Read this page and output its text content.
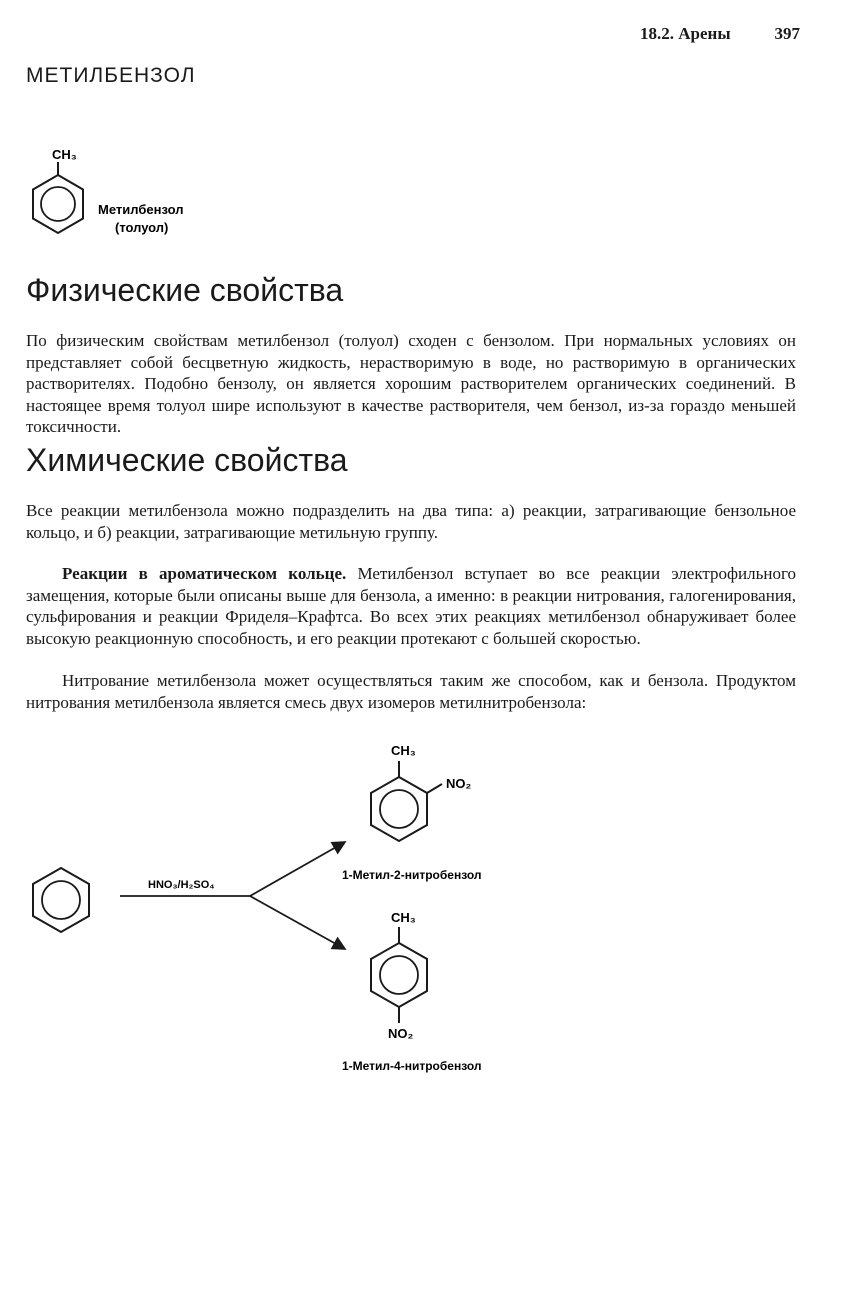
18.2. Арены	397
МЕТИЛБЕНЗОЛ
CH₃
Метилбензол
(толуол)
Физические свойства

По физическим свойствам метилбензол (толуол) сходен с бензолом. При нормальных условиях он представляет собой бесцветную жидкость, нерастворимую в воде, но растворимую в органических растворителях. Подобно бензолу, он является хорошим растворителем органических соединений. В настоящее время толуол шире используют в качестве растворителя, чем бензол, из-за гораздо меньшей токсичности.

Химические свойства

Все реакции метилбензола можно подразделить на два типа: а) реакции, затрагивающие бензольное кольцо, и б) реакции, затрагивающие метильную группу.

Реакции в ароматическом кольце. Метилбензол вступает во все реакции электрофильного замещения, которые были описаны выше для бензола, а именно: в реакции нитрования, галогенирования, сульфирования и реакции Фриделя–Крафтса. Во всех этих реакциях метилбензол обнаруживает более высокую реакционную способность, и его реакции протекают с большей скоростью.

Нитрование метилбензола может осуществляться таким же способом, как и бензола. Продуктом нитрования метилбензола является смесь двух изомеров метилнитробензола:

HNO₃/H₂SO₄
CH₃
NO₂
1-Метил-2-нитробензол
CH₃
NO₂
1-Метил-4-нитробензол
